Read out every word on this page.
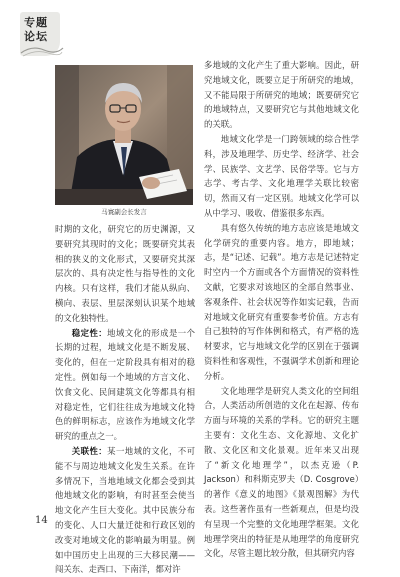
专题
论坛
马寰副会长发言

时期的文化，研究它的历史渊源，又要研究其现时的文化；既要研究其表相的狭义的文化形式，又要研究其深层次的、具有决定性与指导性的文化内核。只有这样，我们才能从纵向、横向、表层、里层深刻认识某个地域的文化独特性。

稳定性：地域文化的形成是一个长期的过程，地域文化是不断发展、变化的，但在一定阶段具有相对的稳定性。例如每一个地域的方言文化、饮食文化、民间建筑文化等都具有相对稳定性，它们往往成为地域文化特色的鲜明标志，应该作为地域文化学研究的重点之一。

关联性：某一地域的文化，不可能不与周边地域文化发生关系。在许多情况下，当地地域文化都会受到其他地域文化的影响，有时甚至会使当地文化产生巨大变化。其中民族分布的变化、人口大量迁徙和行政区划的改变对地域文化的影响最为明显。例如中国历史上出现的三大移民潮——闯关东、走西口、下南洋，都对许

多地域的文化产生了重大影响。因此，研究地域文化，既要立足于所研究的地域，又不能局限于所研究的地域；既要研究它的地域特点，又要研究它与其他地域文化的关联。

地域文化学是一门跨领域的综合性学科，涉及地理学、历史学、经济学、社会学、民族学、文艺学、民俗学等。它与方志学、考古学、文化地理学关联比较密切，然而又有一定区别。地域文化学可以从中学习、吸收、借鉴很多东西。

具有悠久传统的地方志应该是地域文化学研究的重要内容。地方，即地域；志，是“记述、记载”。地方志是记述特定时空内一个方面或各个方面情况的资料性文献，它要求对该地区的全部自然事业、客观条件、社会状况等作如实记载，告而对地域文化研究有重要参考价值。方志有自己独特的写作体例和格式，有严格的选材要求，它与地域文化学的区别在于强调资料性和客观性，不强调学术创新和理论分析。

文化地理学是研究人类文化的空间组合，人类活动所创造的文化在起源、传布方面与环境的关系的学科。它的研究主题主要有：文化生态、文化源地、文化扩散、文化区和文化景观。近年来又出现了“新文化地理学”，以杰克逊（P. Jackson）和科斯克罗夫（D. Cosgrove）的著作《意义的地图》《景观图解》为代表。这些著作虽有一些新观点，但是均没有呈现一个完整的文化地理学框架。文化地理学突出的特征是从地理学的角度研究文化，尽管主题比较分散，但其研究内容

14
